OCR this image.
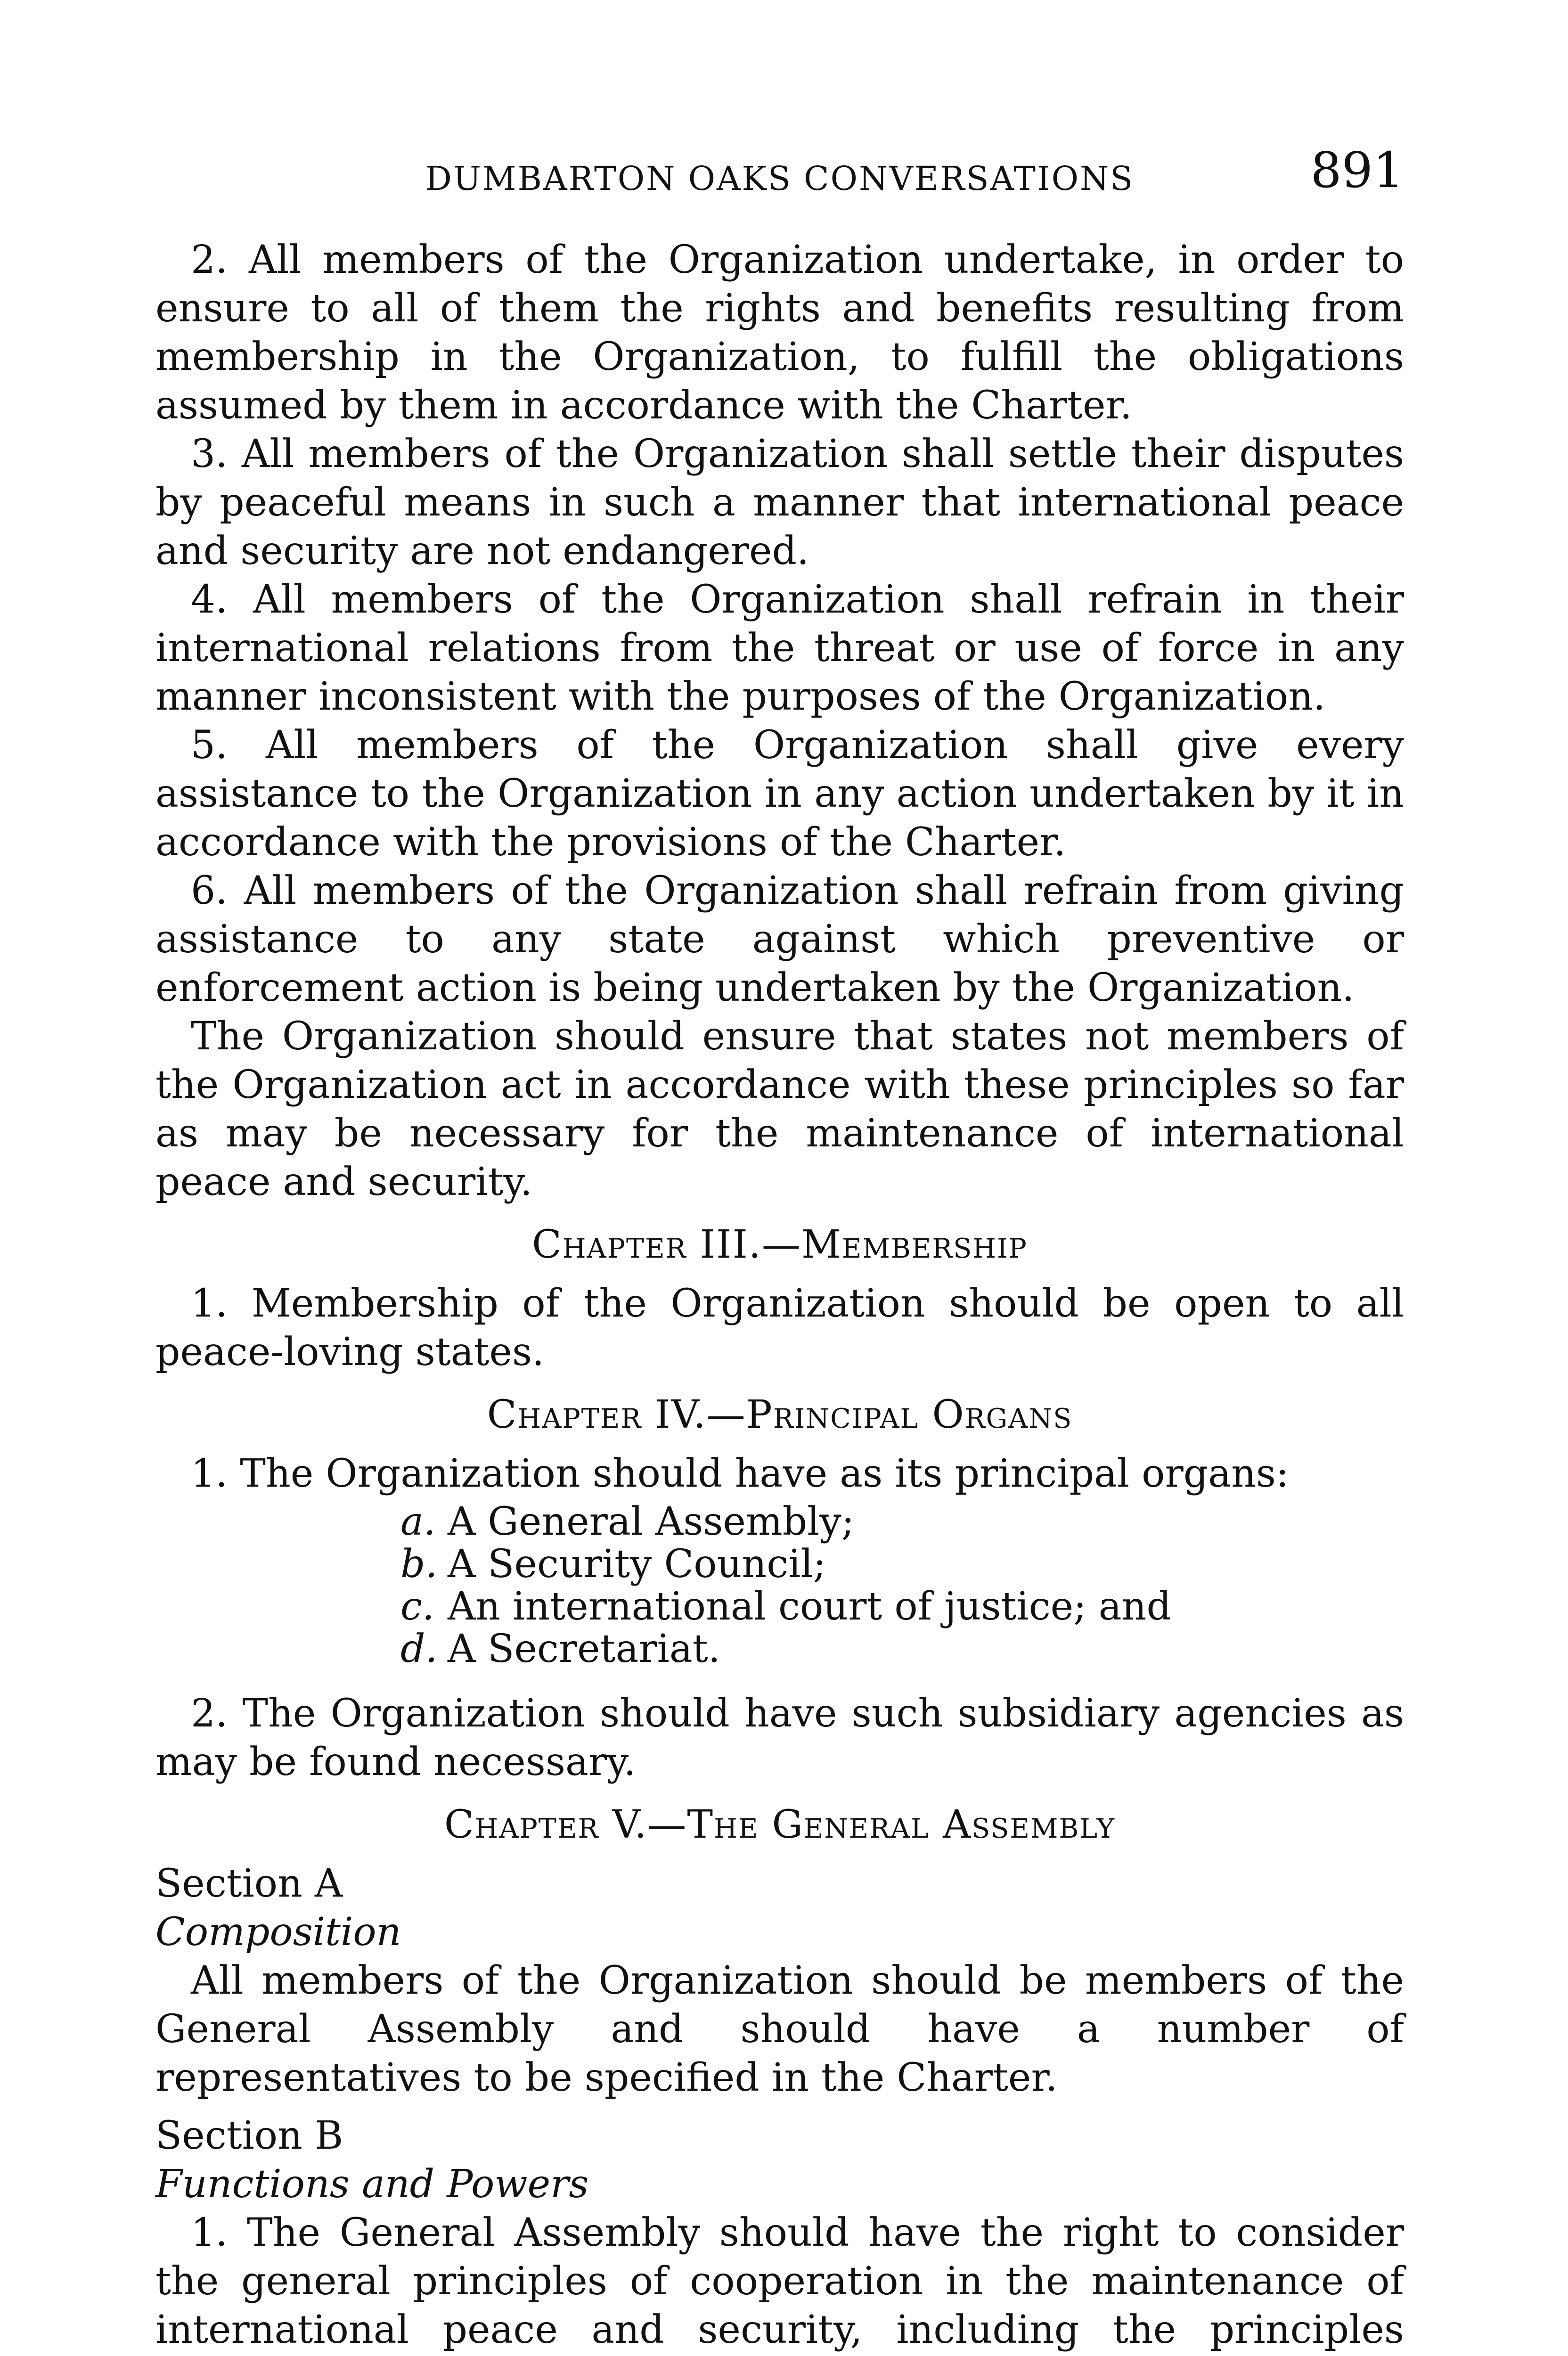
DUMBARTON OAKS CONVERSATIONS	891

2. All members of the Organization undertake, in order to ensure to all of them the rights and benefits resulting from membership in the Organization, to fulfill the obligations assumed by them in accordance with the Charter.

3. All members of the Organization shall settle their disputes by peaceful means in such a manner that international peace and security are not endangered.

4. All members of the Organization shall refrain in their international relations from the threat or use of force in any manner inconsistent with the purposes of the Organization.

5. All members of the Organization shall give every assistance to the Organization in any action undertaken by it in accordance with the provisions of the Charter.

6. All members of the Organization shall refrain from giving assistance to any state against which preventive or enforcement action is being undertaken by the Organization.

The Organization should ensure that states not members of the Organization act in accordance with these principles so far as may be necessary for the maintenance of international peace and security.

Chapter III.—Membership

1. Membership of the Organization should be open to all peace-loving states.

Chapter IV.—Principal Organs

1. The Organization should have as its principal organs:

a. A General Assembly;
b. A Security Council;
c. An international court of justice; and
d. A Secretariat.

2. The Organization should have such subsidiary agencies as may be found necessary.

Chapter V.—The General Assembly

Section A

Composition

All members of the Organization should be members of the General Assembly and should have a number of representatives to be specified in the Charter.

Section B

Functions and Powers

1. The General Assembly should have the right to consider the general principles of cooperation in the maintenance of international peace and security, including the principles
